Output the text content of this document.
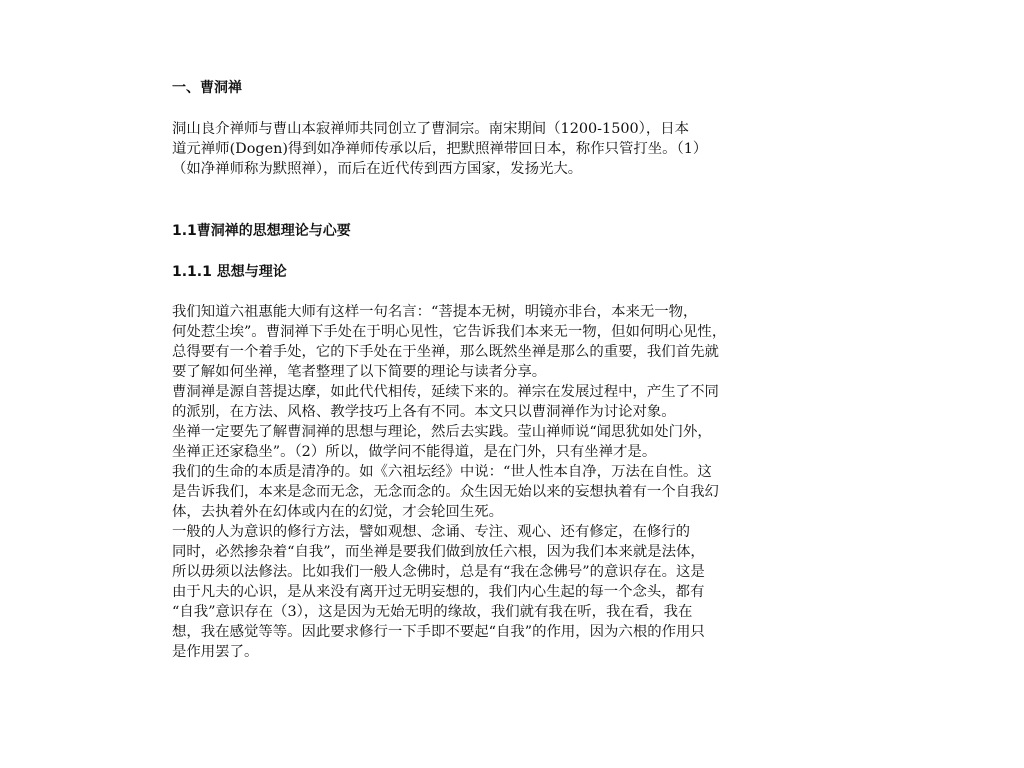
一、曹洞禅
洞山良介禅师与曹山本寂禅师共同创立了曹洞宗。南宋期间（1200-1500），日本
道元禅师(Dogen)得到如净禅师传承以后，把默照禅带回日本，称作只管打坐。（1）
（如净禅师称为默照禅），而后在近代传到西方国家，发扬光大。
1.1曹洞禅的思想理论与心要
1.1.1 思想与理论
我们知道六祖惠能大师有这样一句名言：“菩提本无树，明镜亦非台，本来无一物，
何处惹尘埃”。曹洞禅下手处在于明心见性，它告诉我们本来无一物，但如何明心见性，
总得要有一个着手处，它的下手处在于坐禅，那么既然坐禅是那么的重要，我们首先就
要了解如何坐禅，笔者整理了以下简要的理论与读者分享。
曹洞禅是源自菩提达摩，如此代代相传，延续下来的。禅宗在发展过程中，产生了不同
的派别，在方法、风格、教学技巧上各有不同。本文只以曹洞禅作为讨论对象。
坐禅一定要先了解曹洞禅的思想与理论，然后去实践。莹山禅师说“闻思犹如处门外，
坐禅正还家稳坐”。（2）所以，做学问不能得道，是在门外，只有坐禅才是。
我们的生命的本质是清净的。如《六祖坛经》中说：“世人性本自净，万法在自性。这
是告诉我们，本来是念而无念，无念而念的。众生因无始以来的妄想执着有一个自我幻
体，去执着外在幻体或内在的幻觉，才会轮回生死。
一般的人为意识的修行方法，譬如观想、念诵、专注、观心、还有修定，在修行的
同时，必然掺杂着“自我”，而坐禅是要我们做到放任六根，因为我们本来就是法体，
所以毋须以法修法。比如我们一般人念佛时，总是有“我在念佛号”的意识存在。这是
由于凡夫的心识，是从来没有离开过无明妄想的，我们内心生起的每一个念头，都有
“自我”意识存在（3），这是因为无始无明的缘故，我们就有我在听，我在看，我在
想，我在感觉等等。因此要求修行一下手即不要起“自我”的作用，因为六根的作用只
是作用罢了。
